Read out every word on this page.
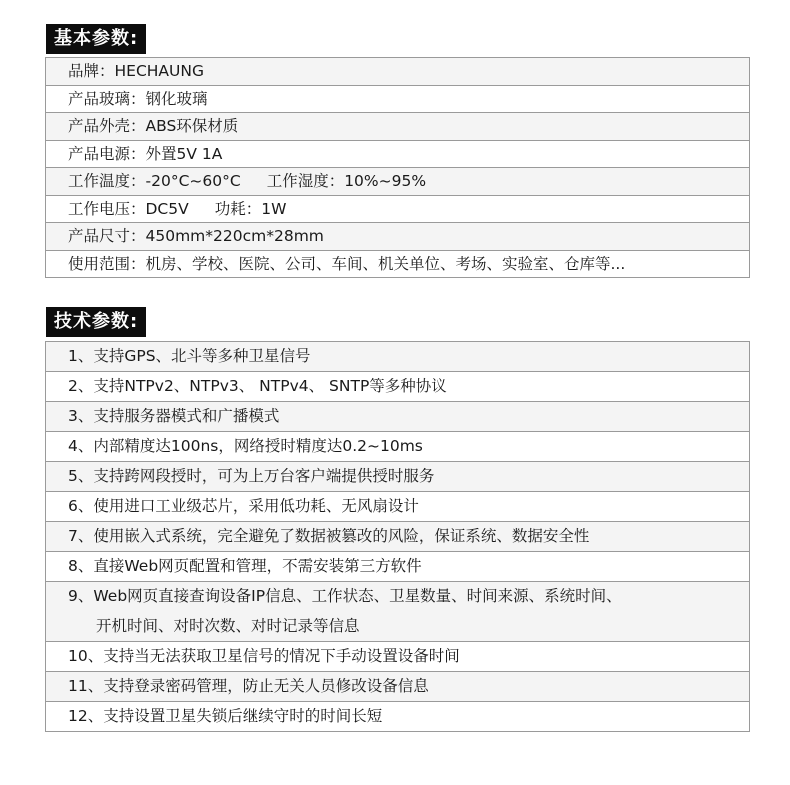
基本参数:
品牌：HECHAUNG
产品玻璃：钢化玻璃
产品外壳：ABS环保材质
产品电源：外置5V 1A
工作温度：-20°C~60°C 工作湿度：10%~95%
工作电压：DC5V 功耗：1W
产品尺寸：450mm*220cm*28mm
使用范围：机房、学校、医院、公司、车间、机关单位、考场、实验室、仓库等...
技术参数:
1、支持GPS、北斗等多种卫星信号
2、支持NTPv2、NTPv3、 NTPv4、 SNTP等多种协议
3、支持服务器模式和广播模式
4、内部精度达100ns，网络授时精度达0.2~10ms
5、支持跨网段授时，可为上万台客户端提供授时服务
6、使用进口工业级芯片，采用低功耗、无风扇设计
7、使用嵌入式系统，完全避免了数据被篡改的风险，保证系统、数据安全性
8、直接Web网页配置和管理，不需安装第三方软件
9、Web网页直接查询设备IP信息、工作状态、卫星数量、时间来源、系统时间、
开机时间、对时次数、对时记录等信息
10、支持当无法获取卫星信号的情况下手动设置设备时间
11、支持登录密码管理，防止无关人员修改设备信息
12、支持设置卫星失锁后继续守时的时间长短
